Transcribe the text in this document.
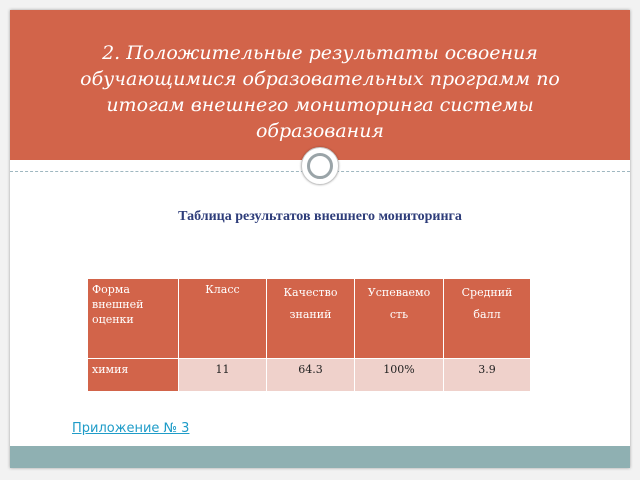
2. Положительные результаты освоения обучающимися образовательных программ по итогам внешнего мониторинга системы образования
Таблица результатов внешнего мониторинга
Форма внешней оценки	Класс	Качество знаний	Успеваемо сть	Средний балл
химия	11	64.3	100%	3.9
Приложение № 3
